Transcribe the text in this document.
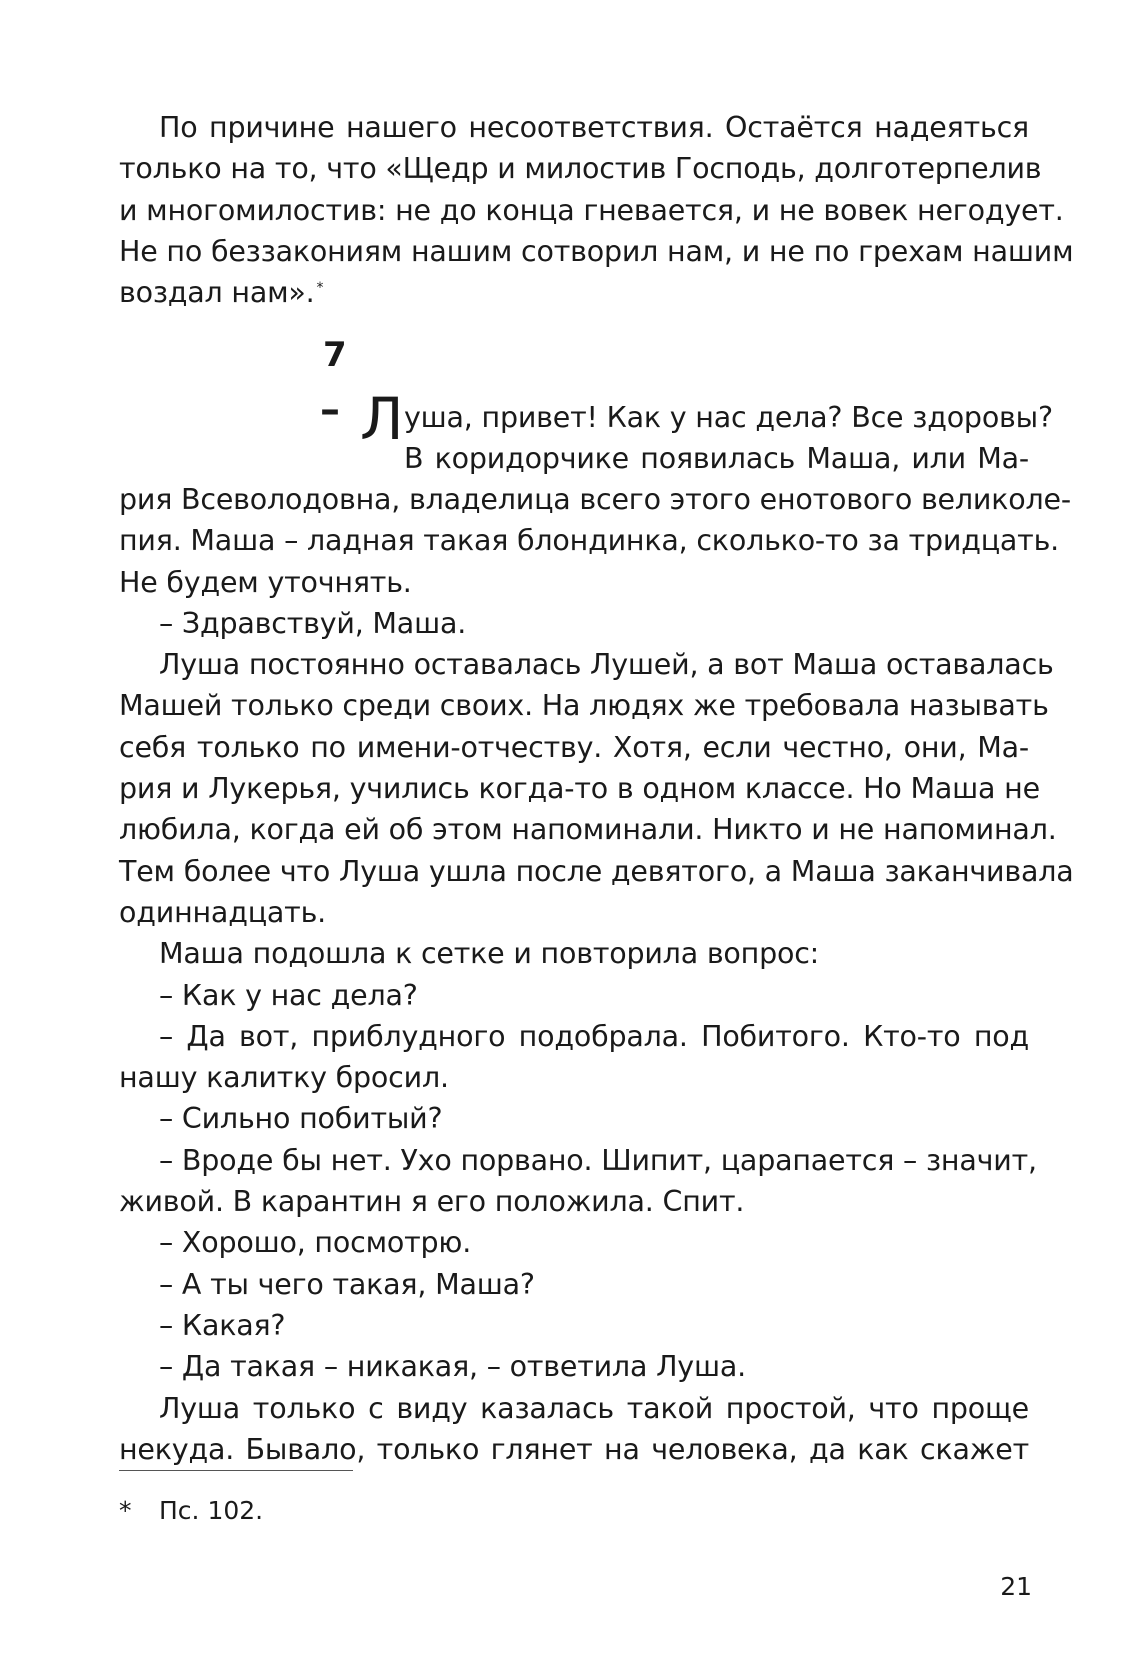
По причине нашего несоответствия. Остаётся надеяться
только на то, что «Щедр и милостив Господь, долготерпелив
и многомилостив: не до конца гневается, и не вовек негодует.
Не по беззакониям нашим сотворил нам, и не по грехам нашим
воздал нам». *
7
– Л уша, привет! Как у нас дела? Все здоровы?
В коридорчике появилась Маша, или Ма-
рия Всеволодовна, владелица всего этого енотового великоле-
пия. Маша – ладная такая блондинка, сколько-то за тридцать.
Не будем уточнять.
– Здравствуй, Маша.
Луша постоянно оставалась Лушей, а вот Маша оставалась
Машей только среди своих. На людях же требовала называть
себя только по имени-отчеству. Хотя, если честно, они, Ма-
рия и Лукерья, учились когда-то в одном классе. Но Маша не
любила, когда ей об этом напоминали. Никто и не напоминал.
Тем более что Луша ушла после девятого, а Маша заканчивала
одиннадцать.
Маша подошла к сетке и повторила вопрос:
– Как у нас дела?
– Да вот, приблудного подобрала. Побитого. Кто-то под
нашу калитку бросил.
– Сильно побитый?
– Вроде бы нет. Ухо порвано. Шипит, царапается – значит,
живой. В карантин я его положила. Спит.
– Хорошо, посмотрю.
– А ты чего такая, Маша?
– Какая?
– Да такая – никакая, – ответила Луша.
Луша только с виду казалась такой простой, что проще
некуда. Бывало, только глянет на человека, да как скажет
* Пс. 102.
21
